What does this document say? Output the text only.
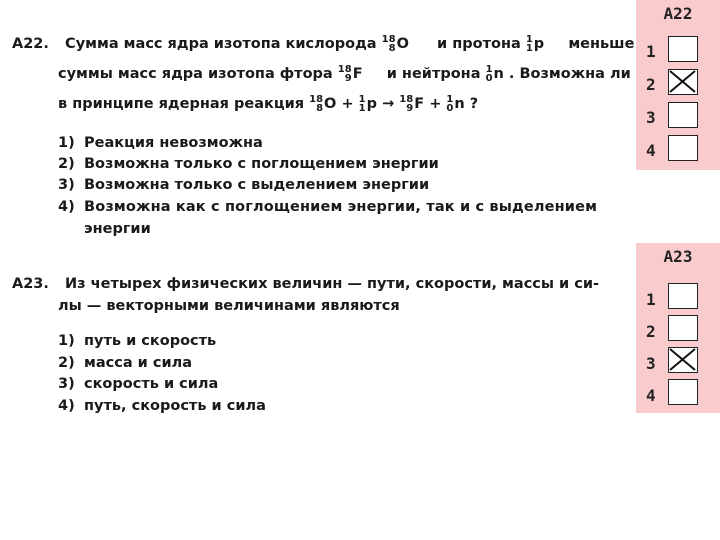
А22. Сумма масс ядра изотопа кислорода 18
8 O и протона 1
1 p меньше
суммы масс ядра изотопа фтора 18
9 F и нейтрона 1
0 n . Возможна ли
в принципе ядерная реакция 18
8 O + 1
1 p → 18
9 F + 1
0 n ?
1) Реакция невозможна
2) Возможна только с поглощением энергии
3) Возможна только с выделением энергии
4) Возможна как с поглощением энергии, так и с выделением
энергии
А23. Из четырех физических величин — пути, скорости, массы и си-
лы — векторными величинами являются
1) путь и скорость
2) масса и сила
3) скорость и сила
4) путь, скорость и сила
А22
1
2
3
4
А23
1
2
3
4
